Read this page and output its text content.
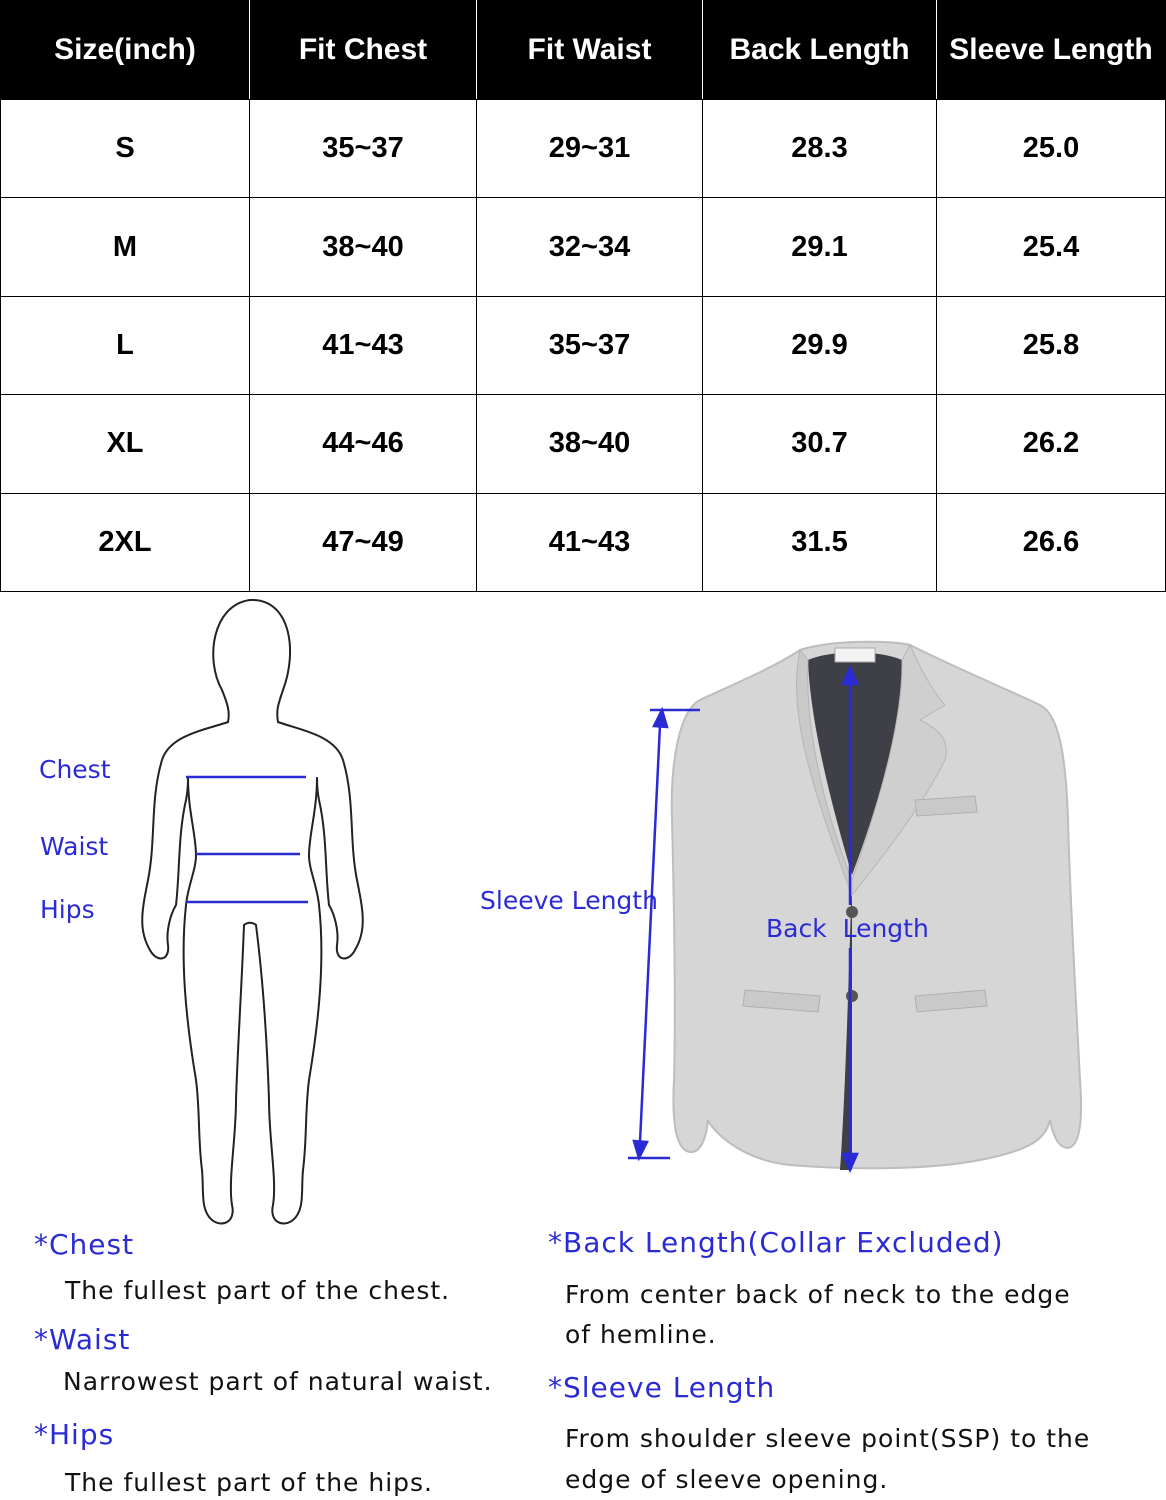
Size(inch)	Fit Chest	Fit Waist	Back Length	Sleeve Length
S	35~37	29~31	28.3	25.0
M	38~40	32~34	29.1	25.4
L	41~43	35~37	29.9	25.8
XL	44~46	38~40	30.7	26.2
2XL	47~49	41~43	31.5	26.6
Chest
Waist
Hips	Sleeve Length
Back  Length
*Chest
The fullest part of the chest.
*Waist
Narrowest part of natural waist.
*Hips
The fullest part of the hips.
*Back Length(Collar Excluded)
From center back of neck to the edge
of hemline.
*Sleeve Length
From shoulder sleeve point(SSP) to the
edge of sleeve opening.
